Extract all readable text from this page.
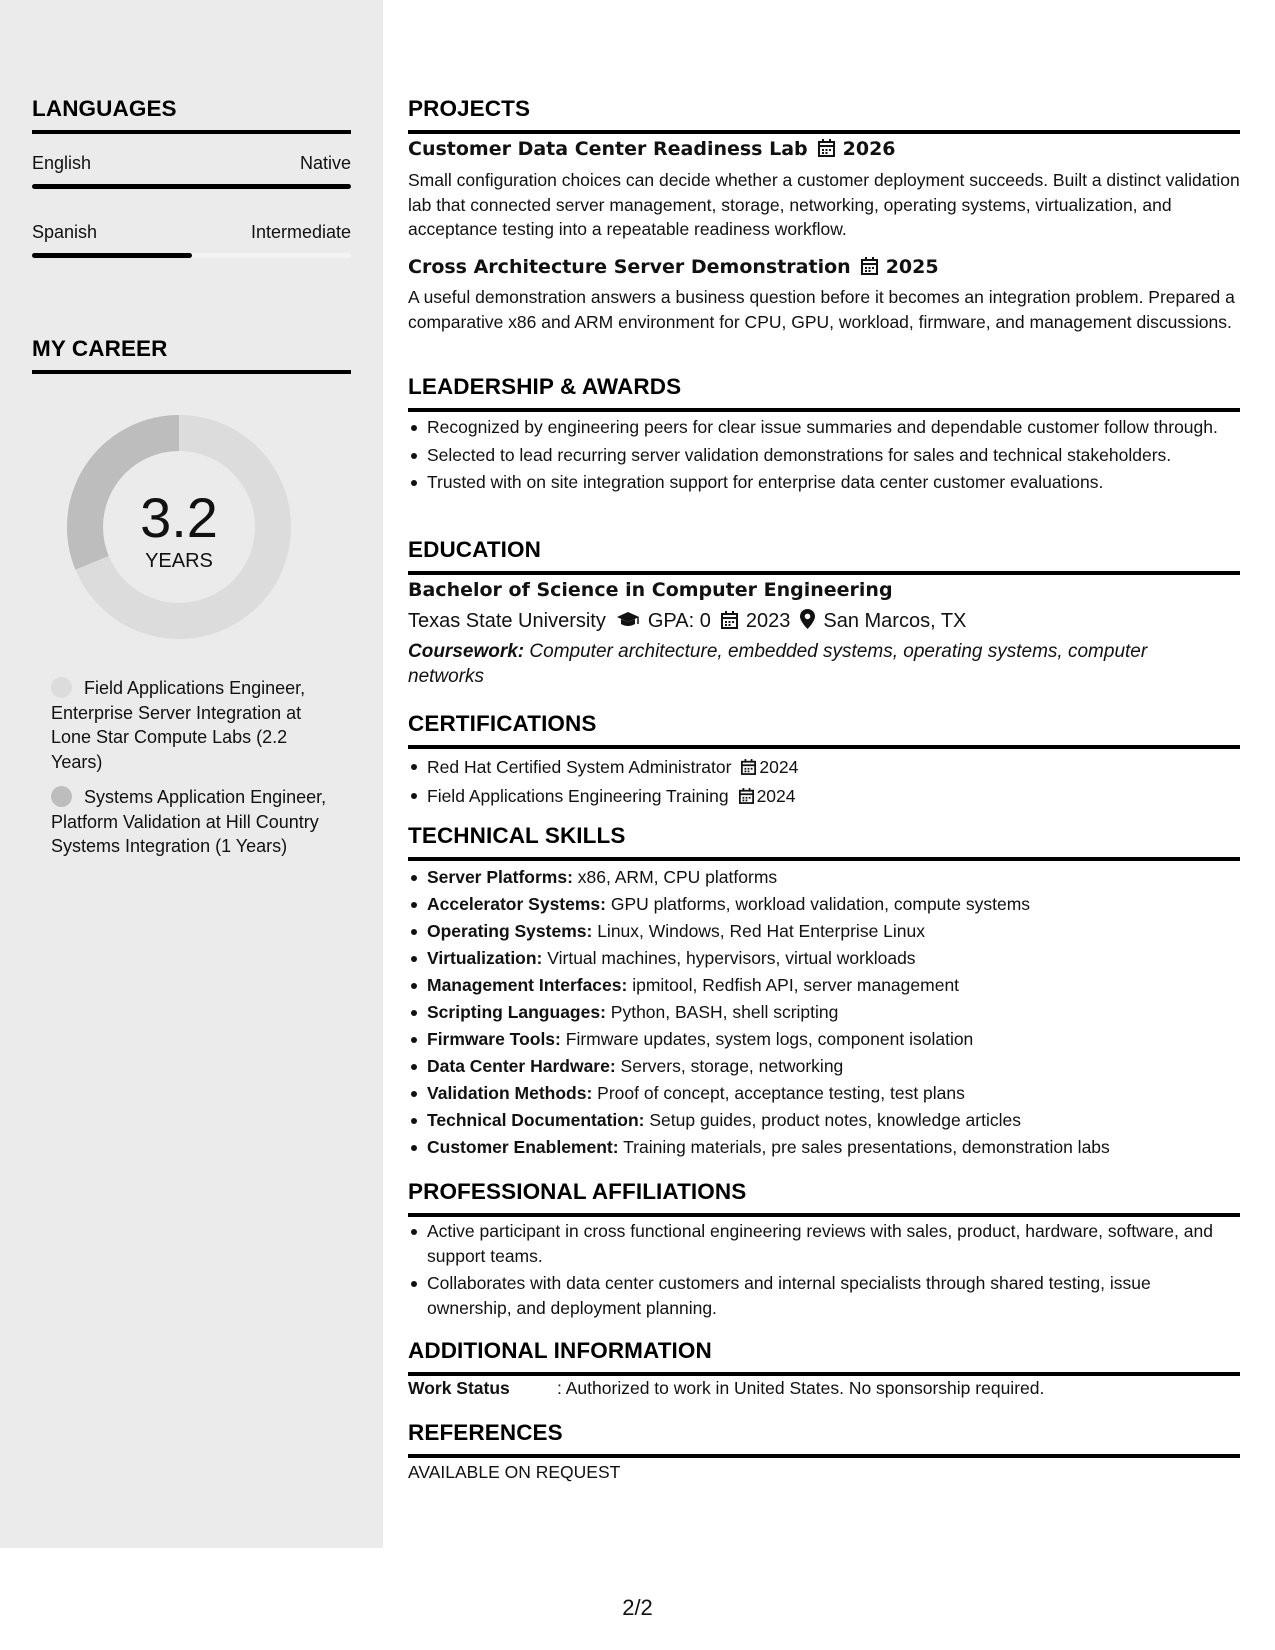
LANGUAGES
English	Native
Spanish	Intermediate
MY CAREER
3.2
YEARS
Field Applications Engineer, Enterprise Server Integration at Lone Star Compute Labs (2.2 Years)
Systems Application Engineer, Platform Validation at Hill Country Systems Integration (1 Years)
PROJECTS
Customer Data Center Readiness Lab 2026
Small configuration choices can decide whether a customer deployment succeeds. Built a distinct validation lab that connected server management, storage, networking, operating systems, virtualization, and acceptance testing into a repeatable readiness workflow.
Cross Architecture Server Demonstration 2025
A useful demonstration answers a business question before it becomes an integration problem. Prepared a comparative x86 and ARM environment for CPU, GPU, workload, firmware, and management discussions.
LEADERSHIP & AWARDS
Recognized by engineering peers for clear issue summaries and dependable customer follow through.
Selected to lead recurring server validation demonstrations for sales and technical stakeholders.
Trusted with on site integration support for enterprise data center customer evaluations.
EDUCATION
Bachelor of Science in Computer Engineering
Texas State University GPA: 0 2023 San Marcos, TX
Coursework: Computer architecture, embedded systems, operating systems, computer networks
CERTIFICATIONS
Red Hat Certified System Administrator 2024
Field Applications Engineering Training 2024
TECHNICAL SKILLS
Server Platforms: x86, ARM, CPU platforms
Accelerator Systems: GPU platforms, workload validation, compute systems
Operating Systems: Linux, Windows, Red Hat Enterprise Linux
Virtualization: Virtual machines, hypervisors, virtual workloads
Management Interfaces: ipmitool, Redfish API, server management
Scripting Languages: Python, BASH, shell scripting
Firmware Tools: Firmware updates, system logs, component isolation
Data Center Hardware: Servers, storage, networking
Validation Methods: Proof of concept, acceptance testing, test plans
Technical Documentation: Setup guides, product notes, knowledge articles
Customer Enablement: Training materials, pre sales presentations, demonstration labs
PROFESSIONAL AFFILIATIONS
Active participant in cross functional engineering reviews with sales, product, hardware, software, and support teams.
Collaborates with data center customers and internal specialists through shared testing, issue ownership, and deployment planning.
ADDITIONAL INFORMATION
Work Status	: Authorized to work in United States. No sponsorship required.
REFERENCES
AVAILABLE ON REQUEST
2/2
